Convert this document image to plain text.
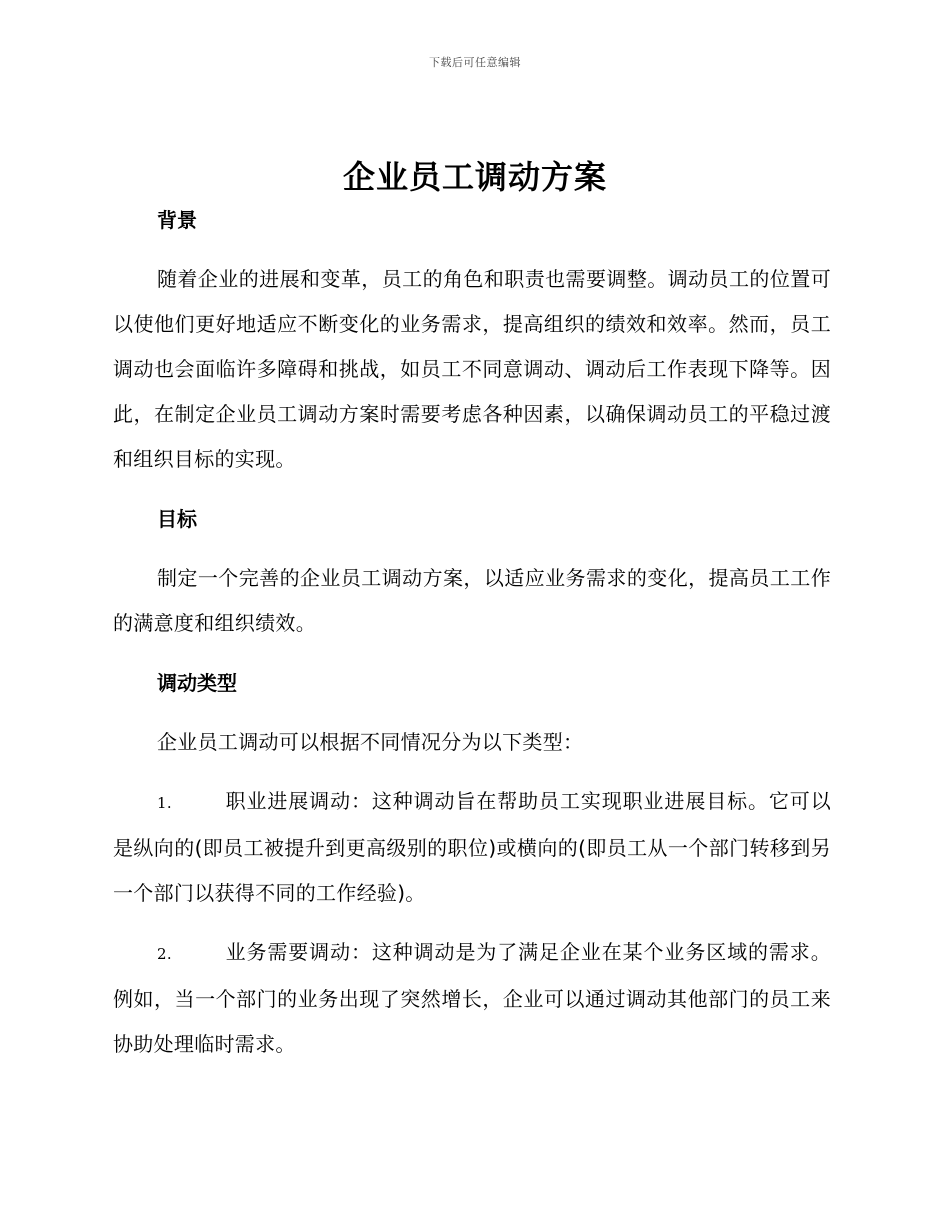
下载后可任意编辑
企业员工调动方案

背景

随着企业的进展和变革，员工的角色和职责也需要调整。调动员工的位置可以使他们更好地适应不断变化的业务需求，提高组织的绩效和效率。然而，员工调动也会面临许多障碍和挑战，如员工不同意调动、调动后工作表现下降等。因此，在制定企业员工调动方案时需要考虑各种因素，以确保调动员工的平稳过渡和组织目标的实现。

目标

制定一个完善的企业员工调动方案，以适应业务需求的变化，提高员工工作的满意度和组织绩效。

调动类型

企业员工调动可以根据不同情况分为以下类型：

1.	职业进展调动：这种调动旨在帮助员工实现职业进展目标。它可以是纵向的(即员工被提升到更高级别的职位)或横向的(即员工从一个部门转移到另一个部门以获得不同的工作经验)。

2.	业务需要调动：这种调动是为了满足企业在某个业务区域的需求。例如，当一个部门的业务出现了突然增长，企业可以通过调动其他部门的员工来协助处理临时需求。
